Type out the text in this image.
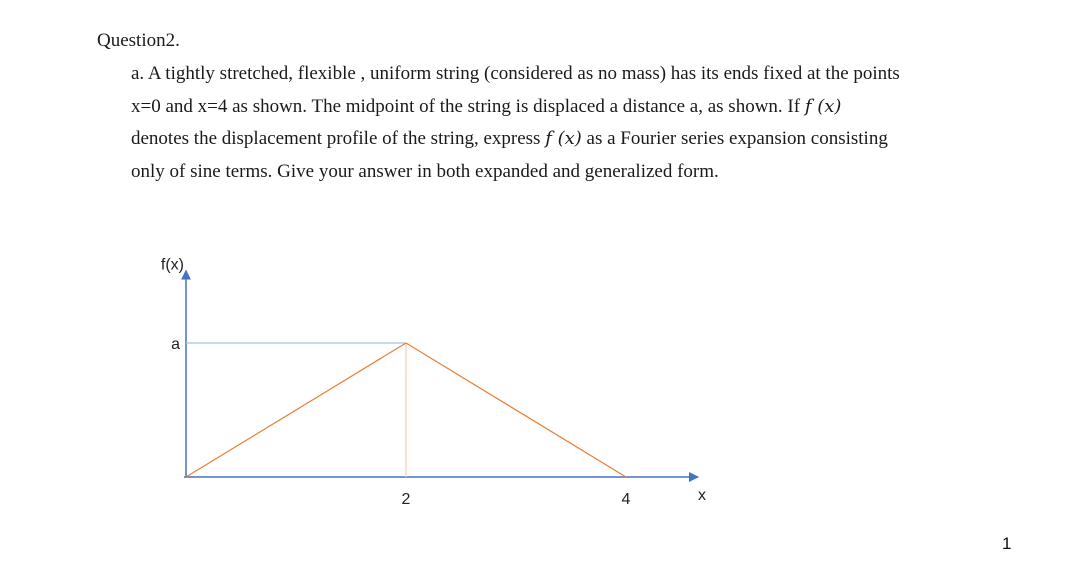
Question2.
a. A tightly stretched, flexible , uniform string (considered as no mass) has its ends fixed at the points
x=0 and x=4 as shown. The midpoint of the string is displaced a distance a, as shown. If f (x)
denotes the displacement profile of the string, express f (x) as a Fourier series expansion consisting
only of sine terms. Give your answer in both expanded and generalized form.
f(x)
x
2	4
a
1
